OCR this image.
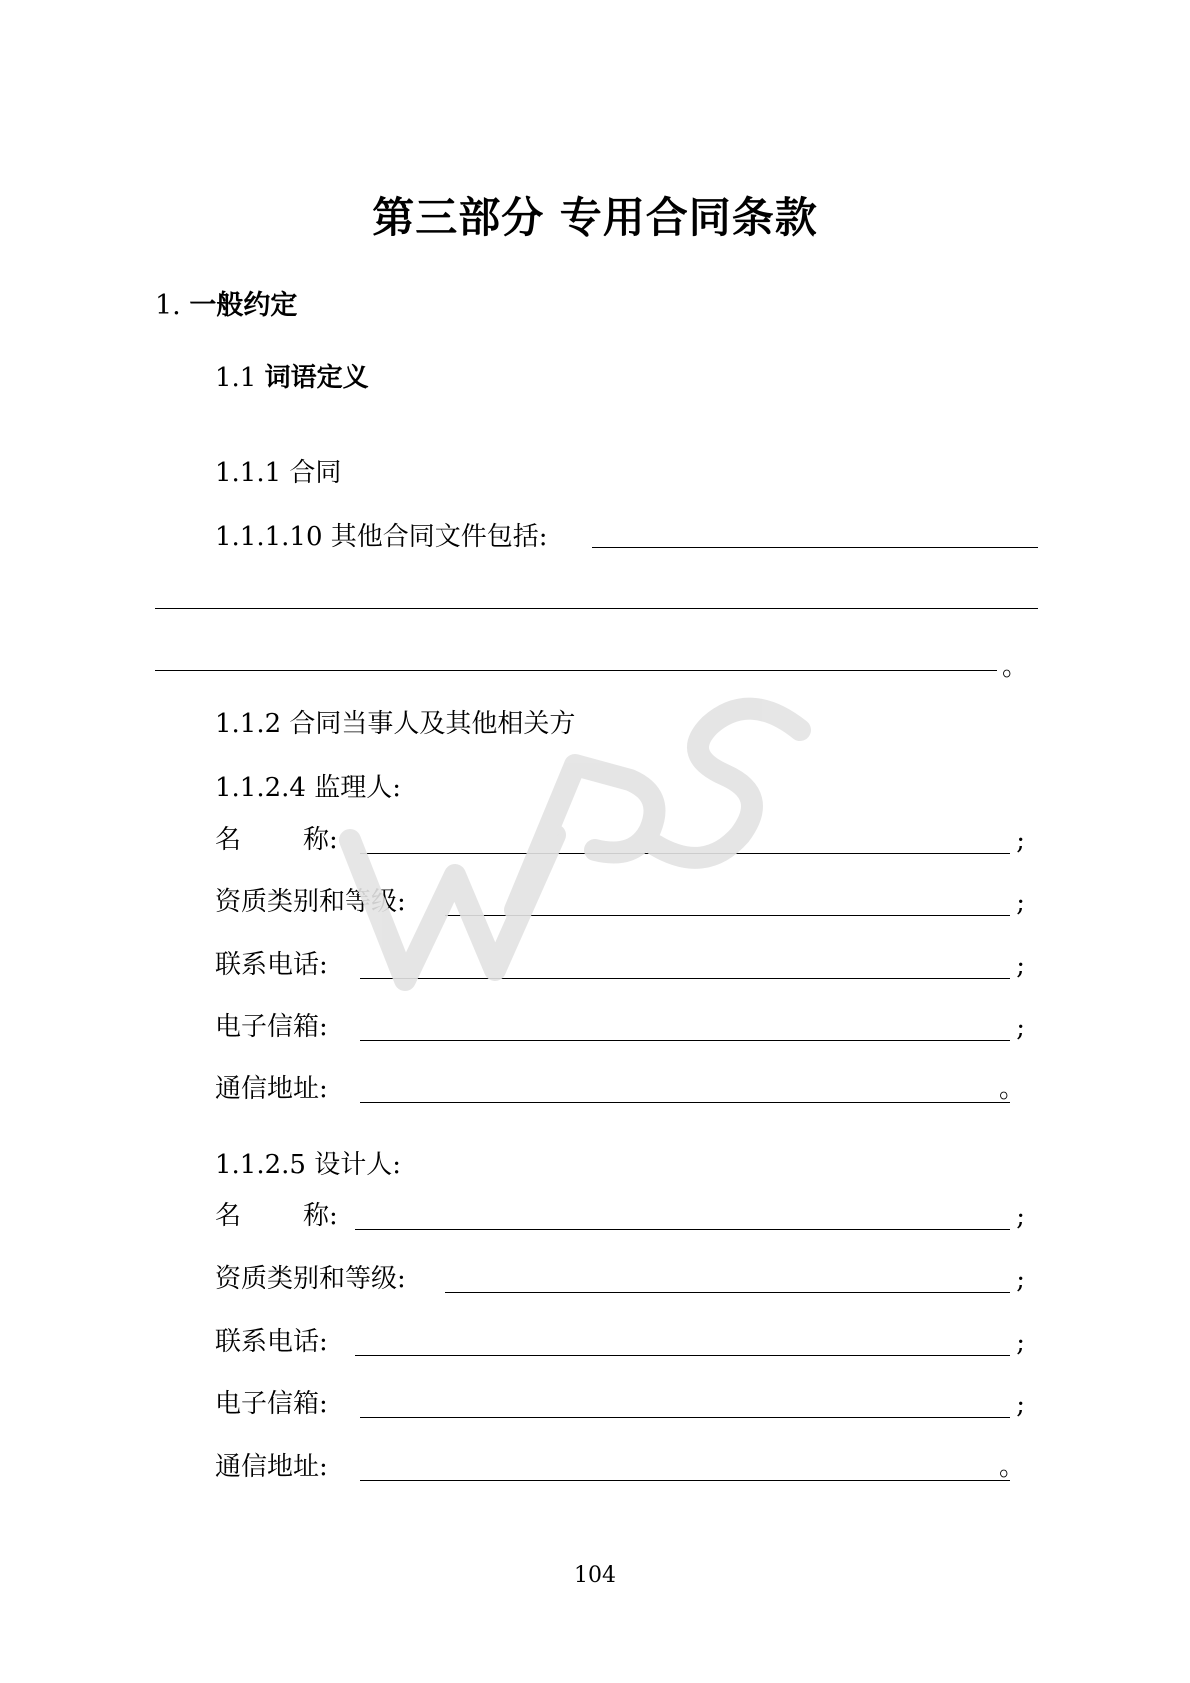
第三部分 专用合同条款
1. 一般约定
1.1 词语定义
1.1.1 合同
1.1.1.10 其他合同文件包括:
。
1.1.2 合同当事人及其他相关方
1.1.2.4 监理人:
名 称:	;
资质类别和等级:	;
联系电话:	;
电子信箱:	;
通信地址:	。
1.1.2.5 设计人:
名 称:	;
资质类别和等级:	;
联系电话:	;
电子信箱:	;
通信地址:	。
104
